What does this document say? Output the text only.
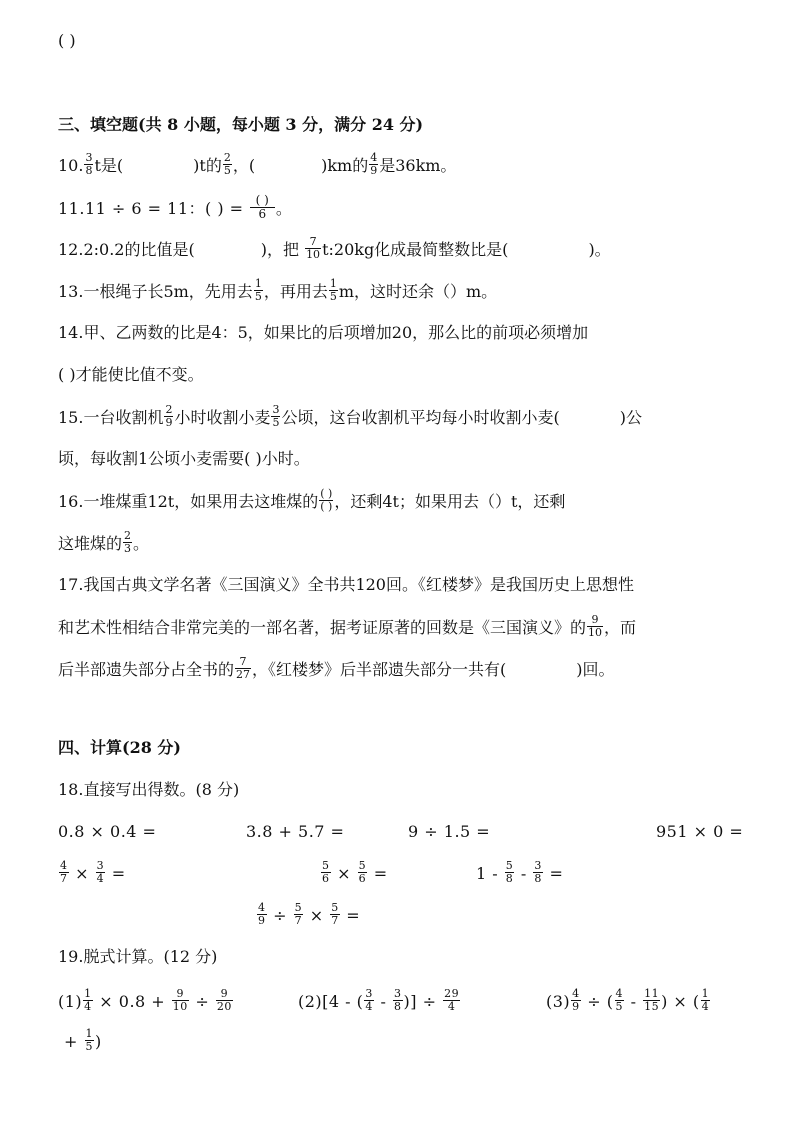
( )
三、填空题(共 8 小题，每小题 3 分，满分 24 分)
10. $\frac{3}{8}$ t是(	)t的 $\frac{2}{5}$ ，(	)km的 $\frac{4}{9}$ 是36km。
11.11 ÷ 6 = 11：( ) = $\frac{( )}{6}$ 。
12.2:0.2的比值是(	)，把 $\frac{7}{10}$ t:20kg化成最简整数比是(	)。
13.一根绳子长5m，先用去 $\frac{1}{5}$ ，再用去 $\frac{1}{5}$ m，这时还余（）m。
14.甲、乙两数的比是4：5，如果比的后项增加20，那么比的前项必须增加
( )才能使比值不变。
15.一台收割机 $\frac{2}{9}$ 小时收割小麦 $\frac{3}{5}$ 公顷，这台收割机平均每小时收割小麦(	)公
顷，每收割1公顷小麦需要( )小时。
16.一堆煤重12t，如果用去这堆煤的 $\frac{( )}{( )}$ ，还剩4t；如果用去（）t，还剩
这堆煤的 $\frac{2}{3}$ 。
17.我国古典文学名著《三国演义》全书共120回。《红楼梦》是我国历史上思想性
和艺术性相结合非常完美的一部名著，据考证原著的回数是《三国演义》的 $\frac{9}{10}$ ，而
后半部遗失部分占全书的 $\frac{7}{27}$ ，《红楼梦》后半部遗失部分一共有(	)回。
四、计算(28 分)
18.直接写出得数。(8 分)
0.8 × 0.4 =	3.8 + 5.7 =	9 ÷ 1.5 =	951 × 0 =
$\frac{4}{7} \times \frac{3}{4}$ =	$\frac{5}{6} \times \frac{5}{6}$ =	$1 - \frac{5}{8} - \frac{3}{8}$ =
$\frac{4}{9} \div \frac{5}{7} \times \frac{5}{7}$ =
19.脱式计算。(12 分)
$(1) \frac{1}{4} \times 0.8 + \frac{9}{10} \div \frac{9}{20}$	(2)[4 - ( $\frac{3}{4} - \frac{3}{8}$ )] ÷ $\frac{29}{4}$	$(3) \frac{4}{9}$ ÷ ( $\frac{4}{5} - \frac{11}{15}$ ) × ( $\frac{1}{4}$
+ $\frac{1}{5}$ )
